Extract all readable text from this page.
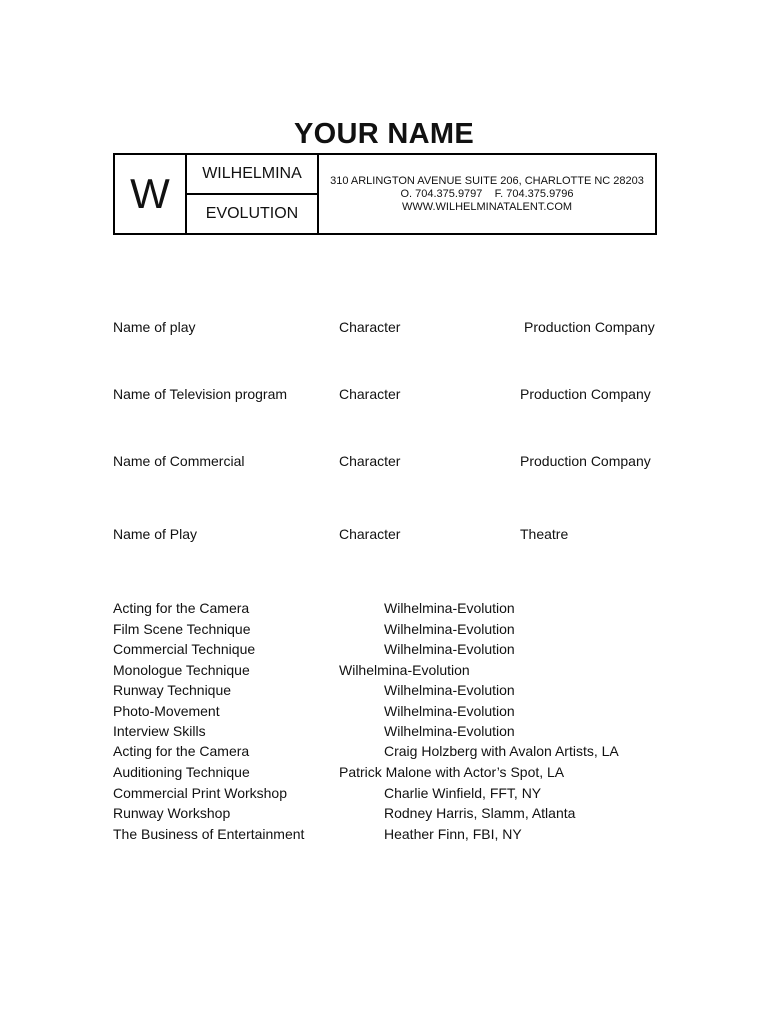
YOUR NAME
W	WILHELMINA
EVOLUTION
310 ARLINGTON AVENUE SUITE 206, CHARLOTTE NC 28203
O. 704.375.9797    F. 704.375.9796
WWW.WILHELMINATALENT.COM
Name of play	Character	Production Company
Name of Television program	Character	Production Company
Name of Commercial	Character	Production Company
Name of Play	Character	Theatre
Acting for the Camera	Wilhelmina-Evolution
Film Scene Technique	Wilhelmina-Evolution
Commercial Technique	Wilhelmina-Evolution
Monologue Technique	Wilhelmina-Evolution
Runway Technique	Wilhelmina-Evolution
Photo-Movement	Wilhelmina-Evolution
Interview Skills	Wilhelmina-Evolution
Acting for the Camera	Craig Holzberg with Avalon Artists, LA
Auditioning Technique	Patrick Malone with Actor’s Spot, LA
Commercial Print Workshop	Charlie Winfield, FFT, NY
Runway Workshop	Rodney Harris, Slamm, Atlanta
The Business of Entertainment	Heather Finn, FBI, NY
